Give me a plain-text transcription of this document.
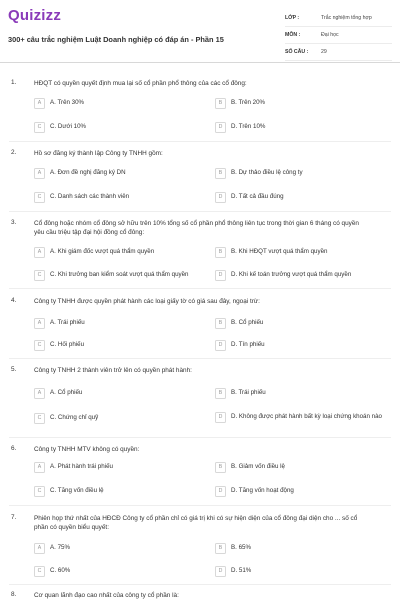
Quizizz
300+ câu trắc nghiệm Luật Doanh nghiệp có đáp án - Phần 15
LỚP :	Trắc nghiệm tổng hợp
MÔN :	Đại học
SỐ CÂU :	29
1.	HĐQT có quyền quyết định mua lại số cổ phần phổ thông của các cổ đông:
A	A. Trên 30%	B	B. Trên 20%
C	C. Dưới 10%	D	D. Trên 10%
2.	Hồ sơ đăng ký thành lập Công ty TNHH gồm:
A	A. Đơn đề nghị đăng ký DN	B	B. Dự thảo điều lệ công ty
C	C. Danh sách các thành viên	D	D. Tất cả đầu đúng
3.	Cổ đông hoặc nhóm cổ đông sở hữu trên 10% tổng số cổ phần phổ thông liên tục trong thời gian 6 tháng có quyền yêu cầu triệu tập đại hội đồng cổ đông:
A	A. Khi giám đốc vượt quá thẩm quyền	B	B. Khi HĐQT vượt quá thẩm quyền
C	C. Khi trưởng ban kiểm soát vượt quá thẩm quyền	D	D. Khi kế toán trưởng vượt quá thẩm quyền
4.	Công ty TNHH được quyền phát hành các loại giấy tờ có giá sau đây, ngoại trừ:
A	A. Trái phiếu	B	B. Cổ phiếu
C	C. Hối phiếu	D	D. Tín phiếu
5.	Công ty TNHH 2 thành viên trở lên có quyền phát hành:
A	A. Cổ phiếu	B	B. Trái phiếu
C	C. Chứng chỉ quỹ	D	D. Không được phát hành bất kỳ loại chứng khoán nào
6.	Công ty TNHH MTV không có quyền:
A	A. Phát hành trái phiếu	B	B. Giảm vốn điều lệ
C	C. Tăng vốn điều lệ	D	D. Tăng vốn hoạt động
7.	Phiên họp thứ nhất của HĐCĐ Công ty cổ phần chỉ có giá trị khi có sự hiện diện của cổ đông đại diện cho ... số cổ phần có quyền biểu quyết:
A	A. 75%	B	B. 65%
C	C. 60%	D	D. 51%
8.	Cơ quan lãnh đạo cao nhất của công ty cổ phần là:
